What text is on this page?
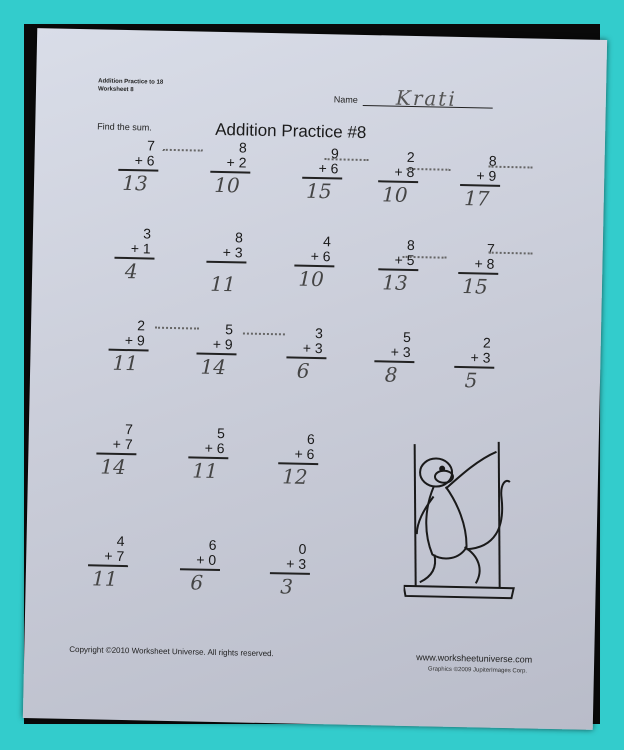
Addition Practice to 18
Worksheet 8
Name Krati
Addition Practice #8
Find the sum.
7
+ 6
13
8
+ 2
10
9
+ 6
15
2
+ 8
10
8
+ 9
17
3
+ 1
4
8
+ 3
11
4
+ 6
10
8
+ 5
13
7
+ 8
15
2
+ 9
11
5
+ 9
14
3
+ 3
6
5
+ 3
8
2
+ 3
5
7
+ 7
14
5
+ 6
11
6
+ 6
12
4
+ 7
11
6
+ 0
6
0
+ 3
3
Copyright ©2010 Worksheet Universe. All rights reserved.
www.worksheetuniverse.com
Graphics ©2009 JupiterImages Corp.
